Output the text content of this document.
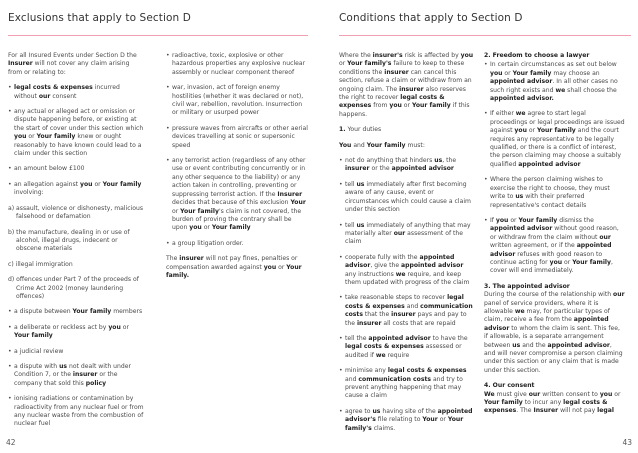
Exclusions that apply to Section D

For all Insured Events under Section D the Insurer will not cover any claim arising from or relating to:

• legal costs & expenses incurred without our consent
• any actual or alleged act or omission or dispute happening before, or existing at the start of cover under this section which you or Your family knew or ought reasonably to have known could lead to a claim under this section
• an amount below £100
• an allegation against you or Your family involving:
a) assault, violence or dishonesty, malicious falsehood or defamation
b) the manufacture, dealing in or use of alcohol, illegal drugs, indecent or obscene materials
c) illegal immigration
d) offences under Part 7 of the proceeds of Crime Act 2002 (money laundering offences)
• a dispute between Your family members
• a deliberate or reckless act by you or Your family
• a judicial review
• a dispute with us not dealt with under Condition 7, or the insurer or the company that sold this policy
• ionising radiations or contamination by radioactivity from any nuclear fuel or from any nuclear waste from the combustion of nuclear fuel
• radioactive, toxic, explosive or other hazardous properties any explosive nuclear assembly or nuclear component thereof
• war, invasion, act of foreign enemy hostilities (whether it was declared or not), civil war, rebellion, revolution. Insurrection or military or usurped power
• pressure waves from aircrafts or other aerial devices travelling at sonic or supersonic speed
• any terrorist action (regardless of any other use or event contributing concurrently or in any other sequence to the liability) or any action taken in controlling, preventing or suppressing terrorist action. If the Insurer decides that because of this exclusion Your or Your family's claim is not covered, the burden of proving the contrary shall be upon you or Your family
• a group litigation order.

The insurer will not pay fines, penalties or compensation awarded against you or Your family.

42
Conditions that apply to Section D

Where the insurer's risk is affected by you or Your family's failure to keep to these conditions the insurer can cancel this section, refuse a claim or withdraw from an ongoing claim. The insurer also reserves the right to recover legal costs & expenses from you or Your family if this happens.

1. Your duties

You and Your family must:

• not do anything that hinders us, the insurer or the appointed advisor
• tell us immediately after first becoming aware of any cause, event or circumstances which could cause a claim under this section
• tell us immediately of anything that may materially alter our assessment of the claim
• cooperate fully with the appointed advisor, give the appointed advisor any instructions we require, and keep them updated with progress of the claim
• take reasonable steps to recover legal costs & expenses and communication costs that the insurer pays and pay to the insurer all costs that are repaid
• tell the appointed advisor to have the legal costs & expenses assessed or audited if we require
• minimise any legal costs & expenses and communication costs and try to prevent anything happening that may cause a claim
• agree to us having site of the appointed advisor's file relating to Your or Your family's claims.

2. Freedom to choose a lawyer

• In certain circumstances as set out below you or Your family may choose an appointed advisor. In all other cases no such right exists and we shall choose the appointed advisor.
• If either we agree to start legal proceedings or legal proceedings are issued against you or Your family and the court requires any representative to be legally qualified, or there is a conflict of interest, the person claiming may choose a suitably qualified appointed advisor
• Where the person claiming wishes to exercise the right to choose, they must write to us with their preferred representative's contact details
• If you or Your family dismiss the appointed advisor without good reason, or withdraw from the claim without our written agreement, or if the appointed advisor refuses with good reason to continue acting for you or Your family, cover will end immediately.

3. The appointed advisor

During the course of the relationship with our panel of service providers, where it is allowable we may, for particular types of claim, receive a fee from the appointed advisor to whom the claim is sent. This fee, if allowable, is a separate arrangement between us and the appointed advisor, and will never compromise a person claiming under this section or any claim that is made under this section.

4. Our consent

We must give our written consent to you or Your family to incur any legal costs & expenses. The Insurer will not pay legal

43
